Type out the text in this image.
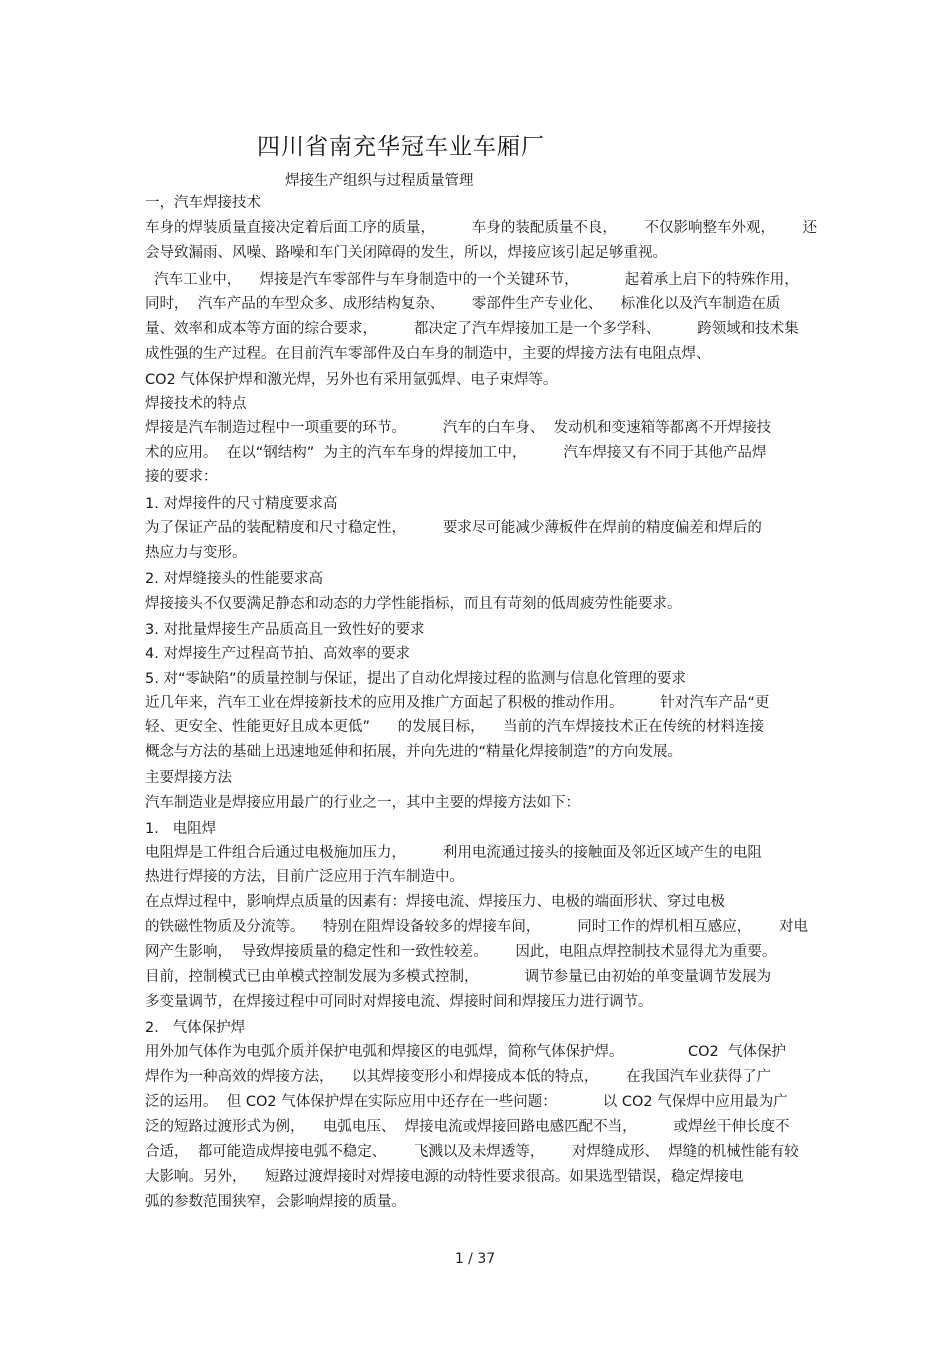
四川省南充华冠车业车厢厂
焊接生产组织与过程质量管理
一，汽车焊接技术
车身的焊装质量直接决定着后面工序的质量，        车身的装配质量不良，      不仅影响整车外观，      还
会导致漏雨、风噪、路噪和车门关闭障碍的发生，所以，焊接应该引起足够重视。
汽车工业中，    焊接是汽车零部件与车身制造中的一个关键环节，          起着承上启下的特殊作用，
同时，  汽车产品的车型众多、成形结构复杂、      零部件生产专业化、    标准化以及汽车制造在质
量、效率和成本等方面的综合要求，        都决定了汽车焊接加工是一个多学科、        跨领域和技术集
成性强的生产过程。在目前汽车零部件及白车身的制造中，主要的焊接方法有电阻点焊、
CO2 气体保护焊和激光焊，另外也有采用氩弧焊、电子束焊等。
焊接技术的特点
焊接是汽车制造过程中一项重要的环节。        汽车的白车身、  发动机和变速箱等都离不开焊接技
术的应用。  在以“钢结构”  为主的汽车车身的焊接加工中，        汽车焊接又有不同于其他产品焊
接的要求：
1. 对焊接件的尺寸精度要求高
为了保证产品的装配精度和尺寸稳定性，        要求尽可能减少薄板件在焊前的精度偏差和焊后的
热应力与变形。
2. 对焊缝接头的性能要求高
焊接接头不仅要满足静态和动态的力学性能指标，而且有苛刻的低周疲劳性能要求。
3. 对批量焊接生产品质高且一致性好的要求
4. 对焊接生产过程高节拍、高效率的要求
5. 对“零缺陷”的质量控制与保证，提出了自动化焊接过程的监测与信息化管理的要求
近几年来，汽车工业在焊接新技术的应用及推广方面起了积极的推动作用。        针对汽车产品“更
轻、更安全、性能更好且成本更低”      的发展目标，    当前的汽车焊接技术正在传统的材料连接
概念与方法的基础上迅速地延伸和拓展，并向先进的“精量化焊接制造”的方向发展。
主要焊接方法
汽车制造业是焊接应用最广的行业之一，其中主要的焊接方法如下：
1.   电阻焊
电阻焊是工件组合后通过电极施加压力，        利用电流通过接头的接触面及邻近区域产生的电阻
热进行焊接的方法，目前广泛应用于汽车制造中。
在点焊过程中，影响焊点质量的因素有：焊接电流、焊接压力、电极的端面形状、穿过电极
的铁磁性物质及分流等。    特别在阻焊设备较多的焊接车间，        同时工作的焊机相互感应，      对电
网产生影响，  导致焊接质量的稳定性和一致性较差。      因此，电阻点焊控制技术显得尤为重要。
目前，控制模式已由单模式控制发展为多模式控制，          调节参量已由初始的单变量调节发展为
多变量调节，在焊接过程中可同时对焊接电流、焊接时间和焊接压力进行调节。
2.   气体保护焊
用外加气体作为电弧介质并保护电弧和焊接区的电弧焊，简称气体保护焊。              CO2  气体保护
焊作为一种高效的焊接方法，    以其焊接变形小和焊接成本低的特点，      在我国汽车业获得了广
泛的运用。  但 CO2 气体保护焊在实际应用中还存在一些问题：          以 CO2 气保焊中应用最为广
泛的短路过渡形式为例，    电弧电压、  焊接电流或焊接回路电感匹配不当，        或焊丝干伸长度不
合适，  都可能造成焊接电弧不稳定、      飞溅以及未焊透等，      对焊缝成形、  焊缝的机械性能有较
大影响。另外，    短路过渡焊接时对焊接电源的动特性要求很高。如果选型错误，稳定焊接电
弧的参数范围狭窄，会影响焊接的质量。
1 / 37
